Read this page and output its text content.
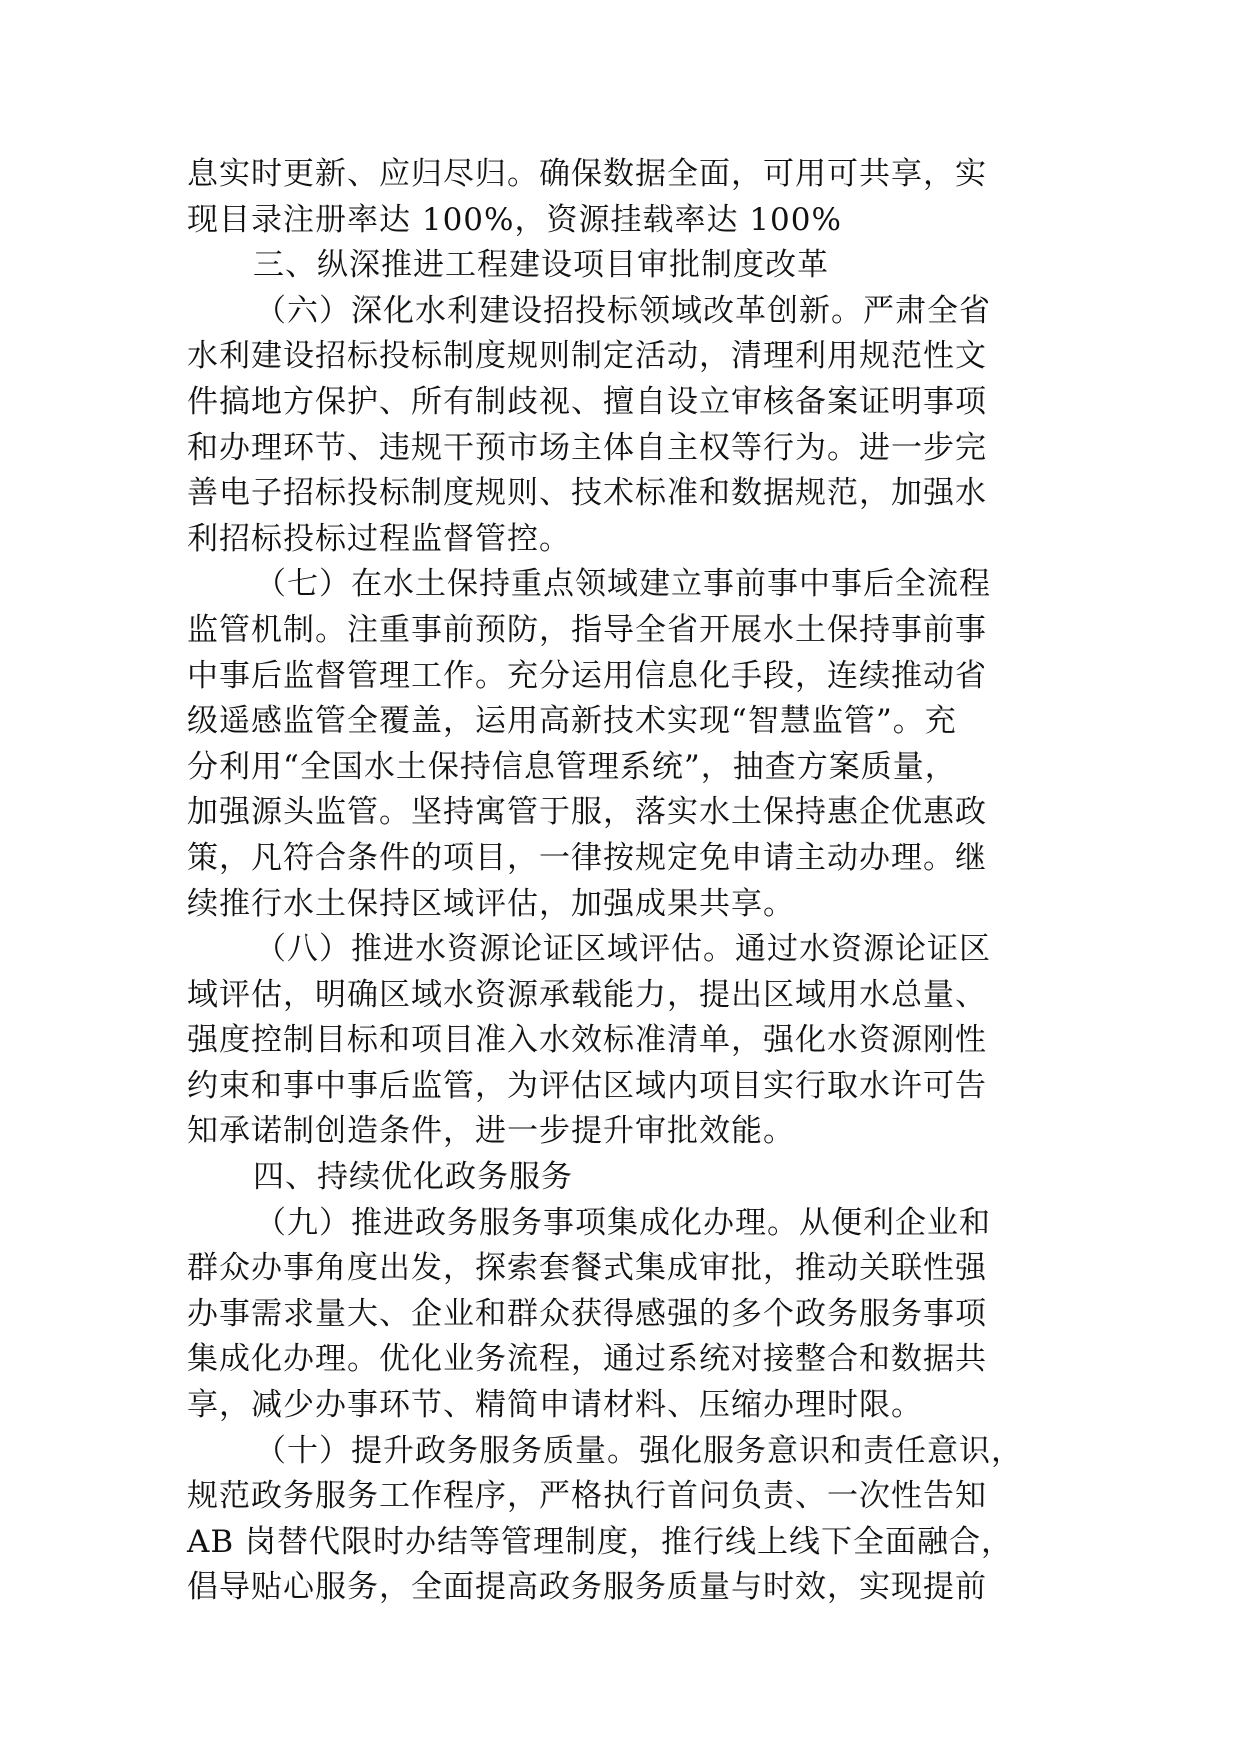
息实时更新、应归尽归。确保数据全面，可用可共享，实
现目录注册率达 100%，资源挂载率达 100%
三、纵深推进工程建设项目审批制度改革
（六）深化水利建设招投标领域改革创新。严肃全省
水利建设招标投标制度规则制定活动，清理利用规范性文
件搞地方保护、所有制歧视、擅自设立审核备案证明事项
和办理环节、违规干预市场主体自主权等行为。进一步完
善电子招标投标制度规则、技术标准和数据规范，加强水
利招标投标过程监督管控。
（七）在水土保持重点领域建立事前事中事后全流程
监管机制。注重事前预防，指导全省开展水土保持事前事
中事后监督管理工作。充分运用信息化手段，连续推动省
级遥感监管全覆盖，运用高新技术实现“智慧监管”。充
分利用“全国水土保持信息管理系统”，抽查方案质量，
加强源头监管。坚持寓管于服，落实水土保持惠企优惠政
策，凡符合条件的项目，一律按规定免申请主动办理。继
续推行水土保持区域评估，加强成果共享。
（八）推进水资源论证区域评估。通过水资源论证区
域评估，明确区域水资源承载能力，提出区域用水总量、
强度控制目标和项目准入水效标准清单，强化水资源刚性
约束和事中事后监管，为评估区域内项目实行取水许可告
知承诺制创造条件，进一步提升审批效能。
四、持续优化政务服务
（九）推进政务服务事项集成化办理。从便利企业和
群众办事角度出发，探索套餐式集成审批，推动关联性强
办事需求量大、企业和群众获得感强的多个政务服务事项
集成化办理。优化业务流程，通过系统对接整合和数据共
享，减少办事环节、精简申请材料、压缩办理时限。
（十）提升政务服务质量。强化服务意识和责任意识，
规范政务服务工作程序，严格执行首问负责、一次性告知
AB 岗替代限时办结等管理制度，推行线上线下全面融合，
倡导贴心服务，全面提高政务服务质量与时效，实现提前
